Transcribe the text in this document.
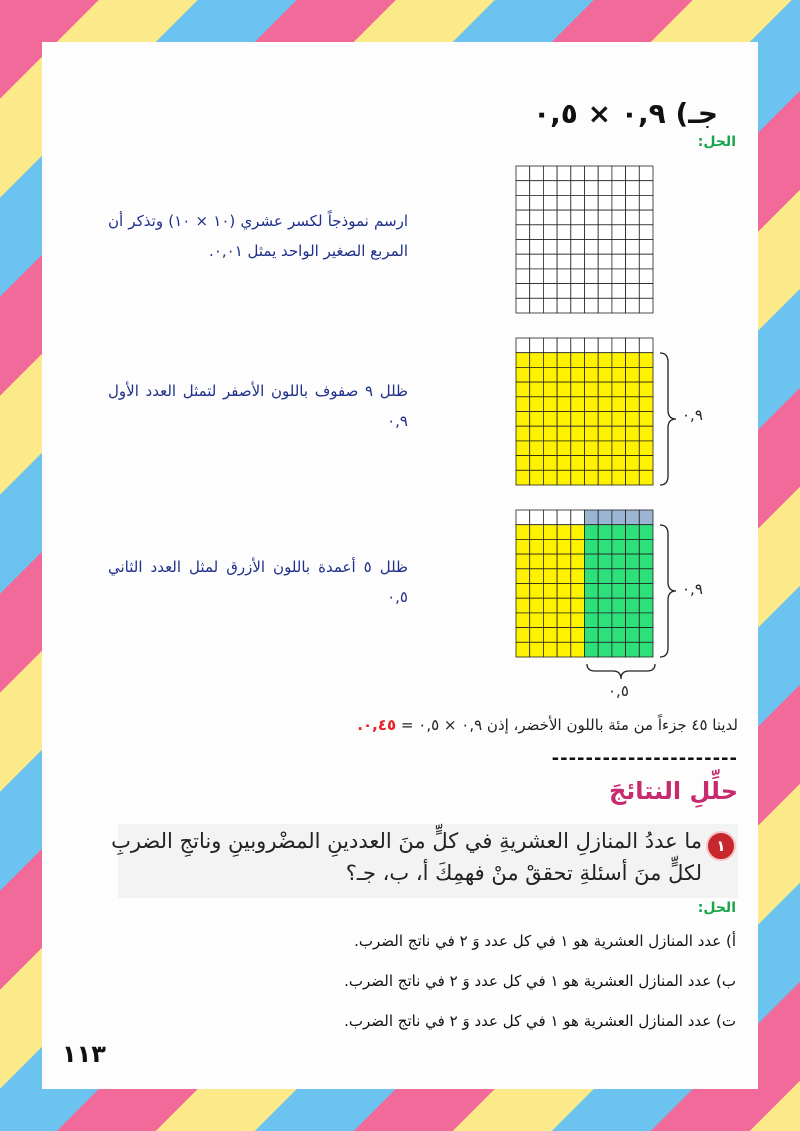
جـ) ٠,٩ × ٠,٥
الحل:
ارسم نموذجاً لكسر عشري (١٠ × ١٠) وتذكر أن المربع الصغير الواحد يمثل ٠,٠١.
ظلل ٩ صفوف باللون الأصفر لتمثل العدد الأول ٠,٩
ظلل ٥ أعمدة باللون الأزرق لمثل العدد الثاني ٠,٥
٠,٩
٠,٩
٠,٥
لدينا ٤٥ جزءاً من مئة باللون الأخضر، إذن ٠,٩ × ٠,٥ = ٠,٤٥.
----------------------
حلِّلِ النتائجَ
١
ما عددُ المنازلِ العشريةِ في كلٍّ منَ العددينِ المضْروبينِ وناتجِ الضربِ لكلٍّ منَ أسئلةِ تحققْ منْ فهمِكَ أ، ب، جـ؟
الحل:
أ) عدد المنازل العشرية هو ١ في كل عدد وَ ٢ في ناتج الضرب.
ب) عدد المنازل العشرية هو ١ في كل عدد وَ ٢ في ناتج الضرب.
ت) عدد المنازل العشرية هو ١ في كل عدد وَ ٢ في ناتج الضرب.
١١٣
